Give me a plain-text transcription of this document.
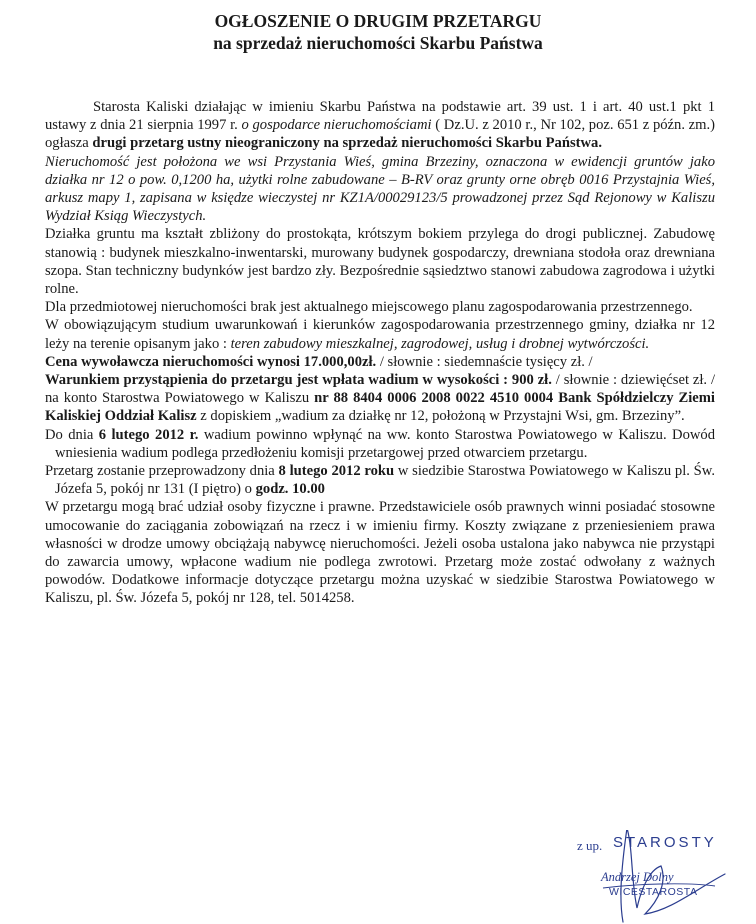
OGŁOSZENIE O DRUGIM PRZETARGU
na sprzedaż nieruchomości Skarbu Państwa

Starosta Kaliski działając w imieniu Skarbu Państwa na podstawie art. 39 ust. 1 i art. 40 ust.1 pkt 1 ustawy z dnia 21 sierpnia 1997 r. o gospodarce nieruchomościami ( Dz.U. z 2010 r., Nr 102, poz. 651 z późn. zm.) ogłasza drugi przetarg ustny nieograniczony na sprzedaż nieruchomości Skarbu Państwa.

Nieruchomość jest położona we wsi Przystania Wieś, gmina Brzeziny, oznaczona w ewidencji gruntów jako działka nr 12 o pow. 0,1200 ha, użytki rolne zabudowane – B-RV oraz grunty orne obręb 0016 Przystajnia Wieś, arkusz mapy 1, zapisana w księdze wieczystej nr KZ1A/00029123/5 prowadzonej przez Sąd Rejonowy w Kaliszu Wydział Ksiąg Wieczystych.

Działka gruntu ma kształt zbliżony do prostokąta, krótszym bokiem przylega do drogi publicznej. Zabudowę stanowią : budynek mieszkalno-inwentarski, murowany budynek gospodarczy, drewniana stodoła oraz drewniana szopa. Stan techniczny budynków jest bardzo zły. Bezpośrednie sąsiedztwo stanowi zabudowa zagrodowa i użytki rolne.

Dla przedmiotowej nieruchomości brak jest aktualnego miejscowego planu zagospodarowania przestrzennego.

W obowiązującym studium uwarunkowań i kierunków zagospodarowania przestrzennego gminy, działka nr 12 leży na terenie opisanym jako : teren zabudowy mieszkalnej, zagrodowej, usług i drobnej wytwórczości.

Cena wywoławcza nieruchomości wynosi 17.000,00zł. / słownie : siedemnaście tysięcy zł. /

Warunkiem przystąpienia do przetargu jest wpłata wadium w wysokości : 900 zł. / słownie : dziewięćset zł. / na konto Starostwa Powiatowego w Kaliszu nr 88 8404 0006 2008 0022 4510 0004 Bank Spółdzielczy Ziemi Kaliskiej Oddział Kalisz z dopiskiem „wadium za działkę nr 12, położoną w Przystajni Wsi, gm. Brzeziny”.

Do dnia 6 lutego 2012 r. wadium powinno wpłynąć na ww. konto Starostwa Powiatowego w Kaliszu. Dowód wniesienia wadium podlega przedłożeniu komisji przetargowej przed otwarciem przetargu.

Przetarg zostanie przeprowadzony dnia 8 lutego 2012 roku w siedzibie Starostwa Powiatowego w Kaliszu pl. Św. Józefa 5, pokój nr 131 (I piętro) o godz. 10.00

W przetargu mogą brać udział osoby fizyczne i prawne. Przedstawiciele osób prawnych winni posiadać stosowne umocowanie do zaciągania zobowiązań na rzecz i w imieniu firmy. Koszty związane z przeniesieniem prawa własności w drodze umowy obciążają nabywcę nieruchomości. Jeżeli osoba ustalona jako nabywca nie przystąpi do zawarcia umowy, wpłacone wadium nie podlega zwrotowi. Przetarg może zostać odwołany z ważnych powodów. Dodatkowe informacje dotyczące przetargu można uzyskać w siedzibie Starostwa Powiatowego w Kaliszu, pl. Św. Józefa 5, pokój nr 128, tel. 5014258.

z up. STAROSTY
Andrzej Dolny
WICESTAROSTA
